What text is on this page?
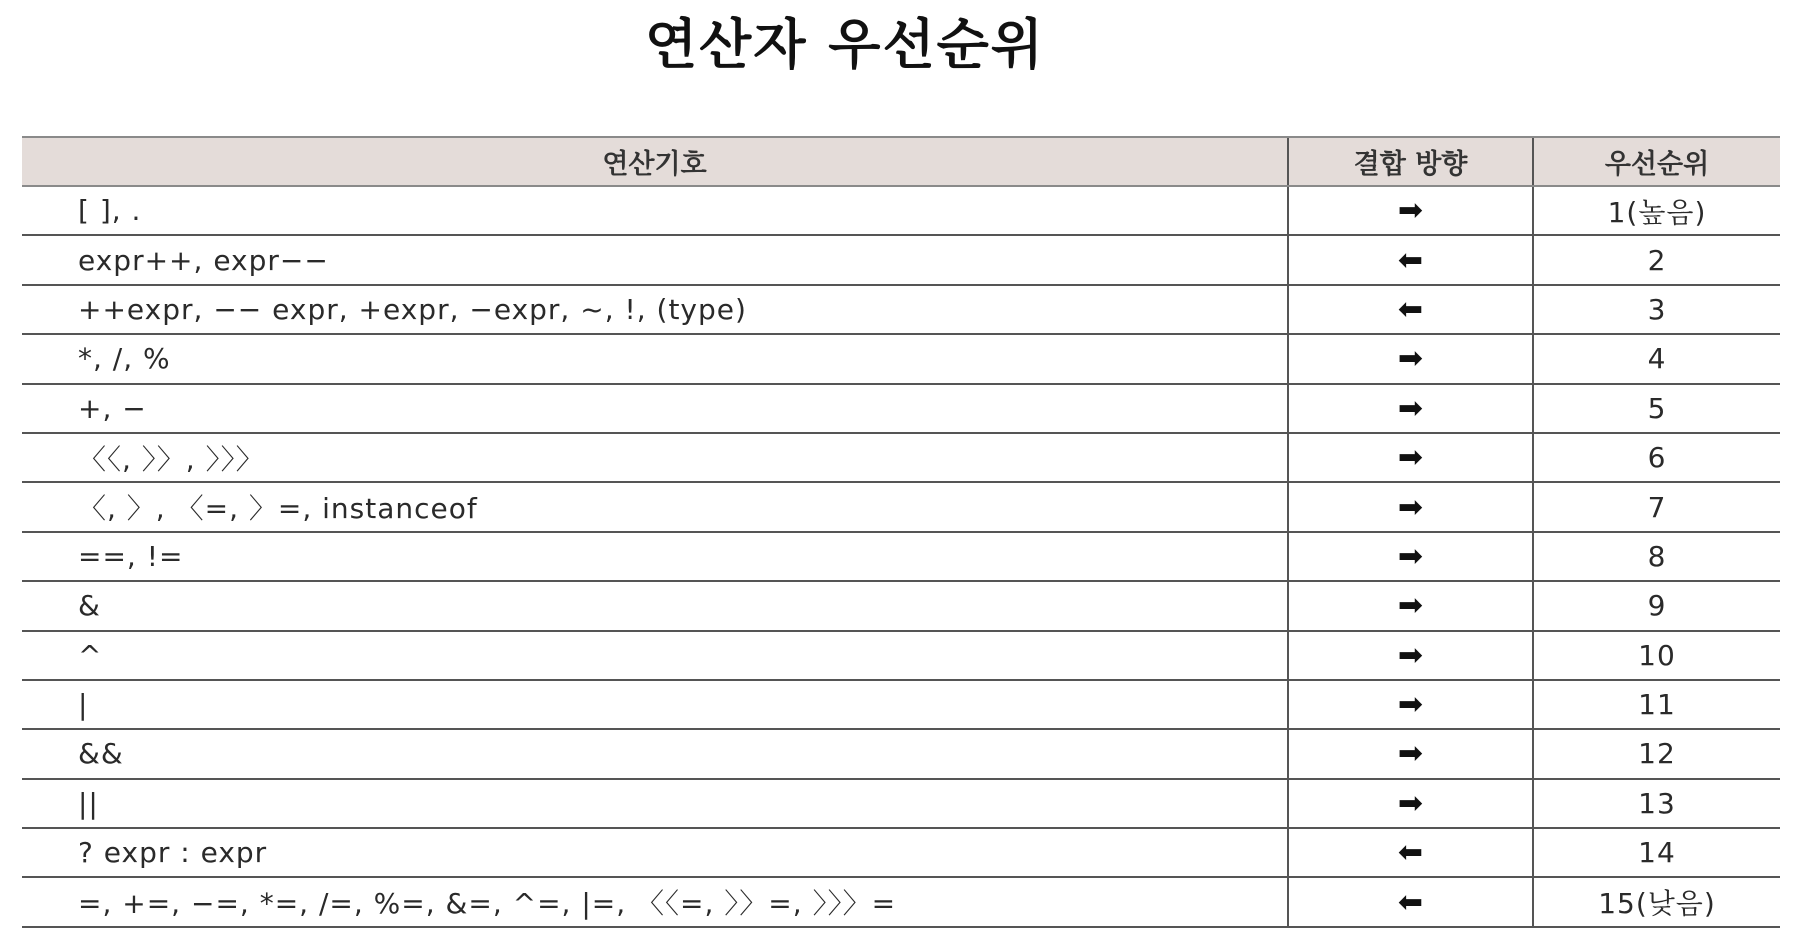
연산자 우선순위
연산기호	결합 방향	우선순위
[ ], .	➡	1(높음)
expr++, expr−−	⬅	2
++expr, −− expr, +expr, −expr, ~, !, (type)	⬅	3
*, /, %	➡	4
+, −	➡	5
〈〈, 〉〉, 〉〉〉	➡	6
〈, 〉, 〈=, 〉=, instanceof	➡	7
==, !=	➡	8
&	➡	9
^	➡	10
|	➡	11
&&	➡	12
||	➡	13
? expr : expr	⬅	14
=, +=, −=, *=, /=, %=, &=, ^=, |=, 〈〈=, 〉〉=, 〉〉〉=	⬅	15(낮음)
